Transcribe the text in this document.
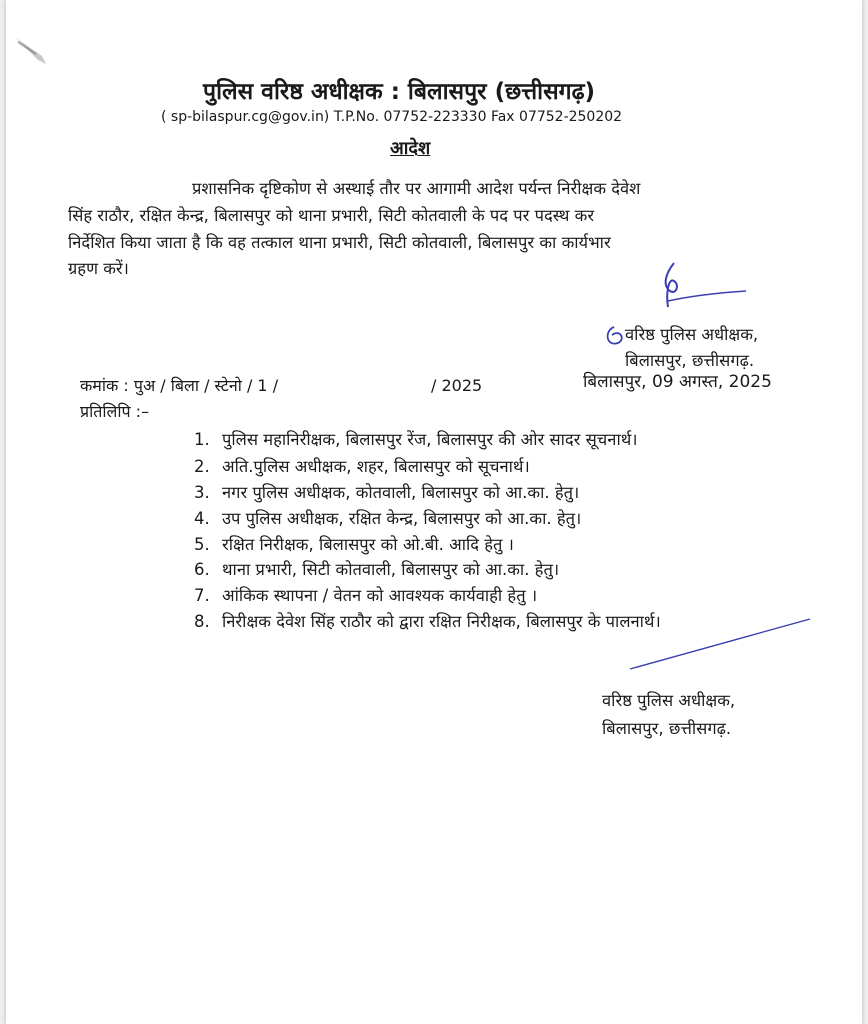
पुलिस वरिष्ठ अधीक्षक : बिलासपुर (छत्तीसगढ़)
( sp-bilaspur.cg@gov.in) T.P.No. 07752-223330 Fax 07752-250202
आदेश
प्रशासनिक दृष्टिकोण से अस्थाई तौर पर आगामी आदेश पर्यन्त निरीक्षक देवेश
सिंह राठौर, रक्षित केन्द्र, बिलासपुर को थाना प्रभारी, सिटी कोतवाली के पद पर पदस्थ कर
निर्देशित किया जाता है कि वह तत्काल थाना प्रभारी, सिटी कोतवाली, बिलासपुर का कार्यभार
ग्रहण करें।
वरिष्ठ पुलिस अधीक्षक,
बिलासपुर, छत्तीसगढ़.
कमांक : पुअ / बिला / स्टेनो / 1 /	/ 2025	बिलासपुर, 09 अगस्त, 2025
प्रतिलिपि :–
1. पुलिस महानिरीक्षक, बिलासपुर रेंज, बिलासपुर की ओर सादर सूचनार्थ।
2. अति.पुलिस अधीक्षक, शहर, बिलासपुर को सूचनार्थ।
3. नगर पुलिस अधीक्षक, कोतवाली, बिलासपुर को आ.का. हेतु।
4. उप पुलिस अधीक्षक, रक्षित केन्द्र, बिलासपुर को आ.का. हेतु।
5. रक्षित निरीक्षक, बिलासपुर को ओ.बी. आदि हेतु ।
6. थाना प्रभारी, सिटी कोतवाली, बिलासपुर को आ.का. हेतु।
7. आंकिक स्थापना / वेतन को आवश्यक कार्यवाही हेतु ।
8. निरीक्षक देवेश सिंह राठौर को द्वारा रक्षित निरीक्षक, बिलासपुर के पालनार्थ।
वरिष्ठ पुलिस अधीक्षक,
बिलासपुर, छत्तीसगढ़.
